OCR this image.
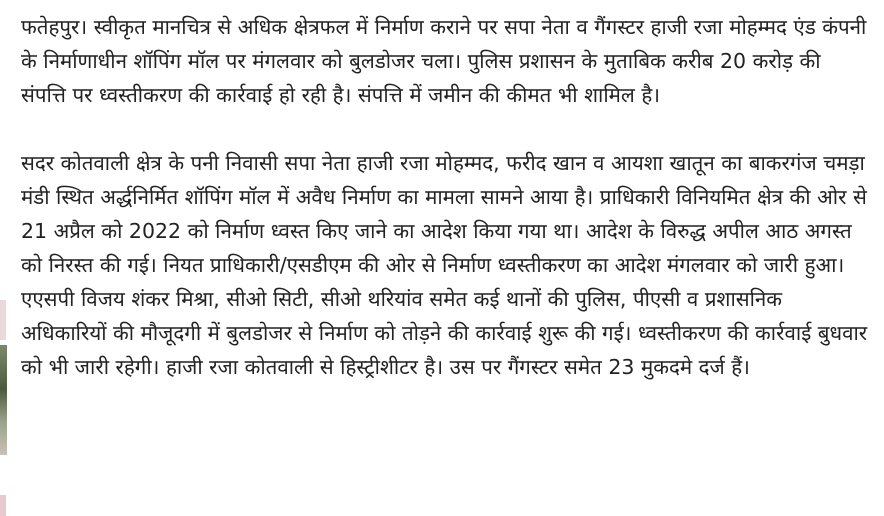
फतेहपुर। स्वीकृत मानचित्र से अधिक क्षेत्रफल में निर्माण कराने पर सपा नेता व गैंगस्टर हाजी रजा मोहम्मद एंड कंपनी के निर्माणाधीन शॉपिंग मॉल पर मंगलवार को बुलडोजर चला। पुलिस प्रशासन के मुताबिक करीब 20 करोड़ की संपत्ति पर ध्वस्तीकरण की कार्रवाई हो रही है। संपत्ति में जमीन की कीमत भी शामिल है।

सदर कोतवाली क्षेत्र के पनी निवासी सपा नेता हाजी रजा मोहम्मद, फरीद खान व आयशा खातून का बाकरगंज चमड़ा मंडी स्थित अर्द्धनिर्मित शॉपिंग मॉल में अवैध निर्माण का मामला सामने आया है। प्राधिकारी विनियमित क्षेत्र की ओर से 21 अप्रैल को 2022 को निर्माण ध्वस्त किए जाने का आदेश किया गया था। आदेश के विरुद्ध अपील आठ अगस्त को निरस्त की गई। नियत प्राधिकारी/एसडीएम की ओर से निर्माण ध्वस्तीकरण का आदेश मंगलवार को जारी हुआ। एएसपी विजय शंकर मिश्रा, सीओ सिटी, सीओ थरियांव समेत कई थानों की पुलिस, पीएसी व प्रशासनिक अधिकारियों की मौजूदगी में बुलडोजर से निर्माण को तोड़ने की कार्रवाई शुरू की गई। ध्वस्तीकरण की कार्रवाई बुधवार को भी जारी रहेगी। हाजी रजा कोतवाली से हिस्ट्रीशीटर है। उस पर गैंगस्टर समेत 23 मुकदमे दर्ज हैं।
